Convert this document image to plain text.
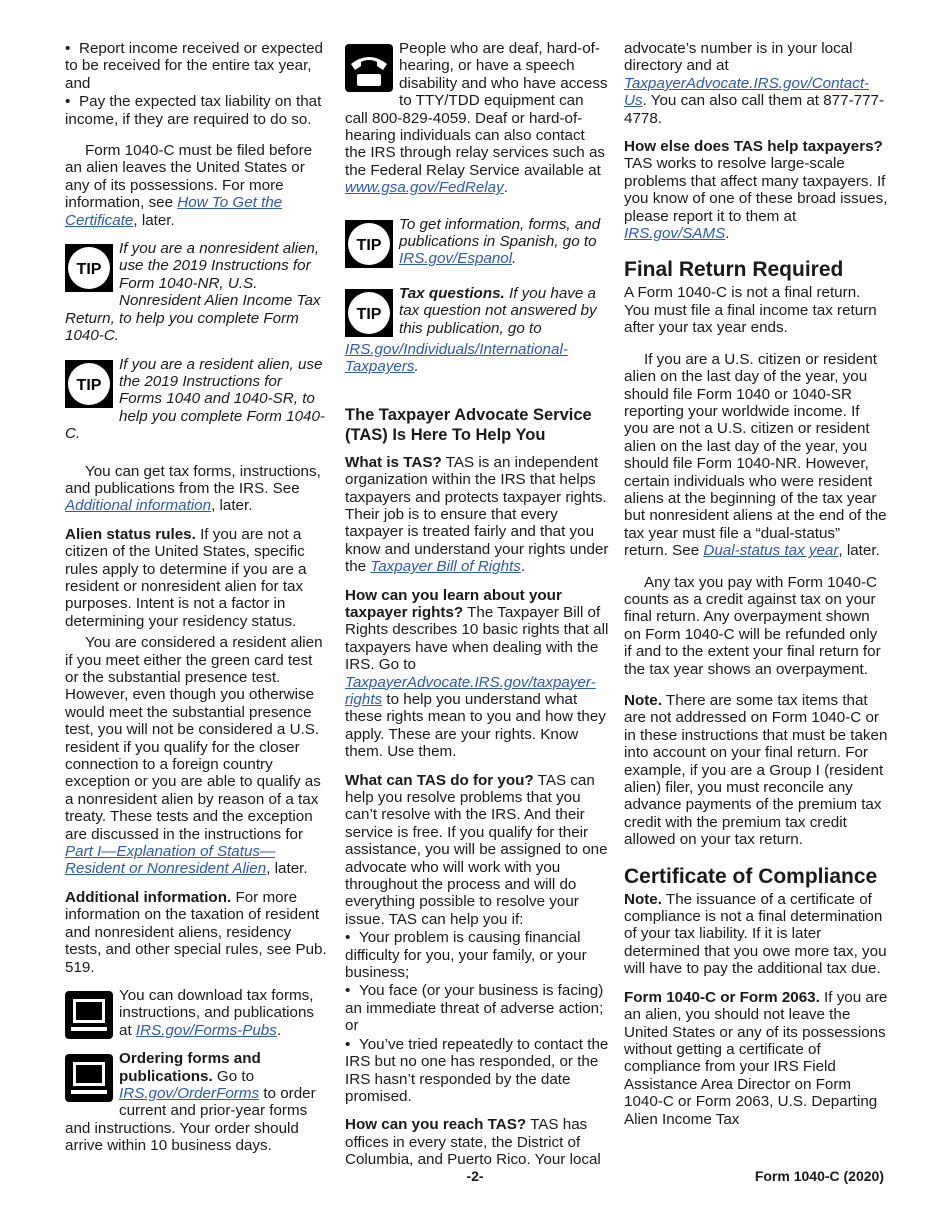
• Report income received or expected to be received for the entire tax year, and

• Pay the expected tax liability on that income, if they are required to do so.

Form 1040-C must be filed before an alien leaves the United States or any of its possessions. For more information, see How To Get the Certificate, later.

TIP

If you are a nonresident alien, use the 2019 Instructions for Form 1040-NR, U.S. Nonresident Alien Income Tax Return, to help you complete Form 1040-C.

TIP

If you are a resident alien, use the 2019 Instructions for Forms 1040 and 1040-SR, to help you complete Form 1040-C.

You can get tax forms, instructions, and publications from the IRS. See Additional information, later.

Alien status rules. If you are not a citizen of the United States, specific rules apply to determine if you are a resident or nonresident alien for tax purposes. Intent is not a factor in determining your residency status.

You are considered a resident alien if you meet either the green card test or the substantial presence test. However, even though you otherwise would meet the substantial presence test, you will not be considered a U.S. resident if you qualify for the closer connection to a foreign country exception or you are able to qualify as a nonresident alien by reason of a tax treaty. These tests and the exception are discussed in the instructions for Part I—Explanation of Status—Resident or Nonresident Alien, later.

Additional information. For more information on the taxation of resident and nonresident aliens, residency tests, and other special rules, see Pub. 519.

You can download tax forms, instructions, and publications at IRS.gov/Forms-Pubs.

Ordering forms and publications. Go to IRS.gov/OrderForms to order current and prior-year forms and instructions. Your order should arrive within 10 business days.

People who are deaf, hard-of-hearing, or have a speech disability and who have access to TTY/TDD equipment can call 800-829-4059. Deaf or hard-of-hearing individuals can also contact the IRS through relay services such as the Federal Relay Service available at www.gsa.gov/FedRelay.

TIP

To get information, forms, and publications in Spanish, go to IRS.gov/Espanol.

TIP

Tax questions. If you have a tax question not answered by this publication, go to IRS.gov/Individuals/International-Taxpayers.

The Taxpayer Advocate Service (TAS) Is Here To Help You

What is TAS? TAS is an independent organization within the IRS that helps taxpayers and protects taxpayer rights. Their job is to ensure that every taxpayer is treated fairly and that you know and understand your rights under the Taxpayer Bill of Rights.

How can you learn about your taxpayer rights? The Taxpayer Bill of Rights describes 10 basic rights that all taxpayers have when dealing with the IRS. Go to TaxpayerAdvocate.IRS.gov/taxpayer-rights to help you understand what these rights mean to you and how they apply. These are your rights. Know them. Use them.

What can TAS do for you? TAS can help you resolve problems that you can’t resolve with the IRS. And their service is free. If you qualify for their assistance, you will be assigned to one advocate who will work with you throughout the process and will do everything possible to resolve your issue. TAS can help you if:

• Your problem is causing financial difficulty for you, your family, or your business;

• You face (or your business is facing) an immediate threat of adverse action; or

• You’ve tried repeatedly to contact the IRS but no one has responded, or the IRS hasn’t responded by the date promised.

How can you reach TAS? TAS has offices in every state, the District of Columbia, and Puerto Rico. Your local

advocate’s number is in your local directory and at TaxpayerAdvocate.IRS.gov/Contact-Us. You can also call them at 877-777-4778.

How else does TAS help taxpayers? TAS works to resolve large-scale problems that affect many taxpayers. If you know of one of these broad issues, please report it to them at IRS.gov/SAMS.

Final Return Required

A Form 1040-C is not a final return. You must file a final income tax return after your tax year ends.

If you are a U.S. citizen or resident alien on the last day of the year, you should file Form 1040 or 1040-SR reporting your worldwide income. If you are not a U.S. citizen or resident alien on the last day of the year, you should file Form 1040-NR. However, certain individuals who were resident aliens at the beginning of the tax year but nonresident aliens at the end of the tax year must file a “dual-status” return. See Dual-status tax year, later.

Any tax you pay with Form 1040-C counts as a credit against tax on your final return. Any overpayment shown on Form 1040-C will be refunded only if and to the extent your final return for the tax year shows an overpayment.

Note. There are some tax items that are not addressed on Form 1040-C or in these instructions that must be taken into account on your final return. For example, if you are a Group I (resident alien) filer, you must reconcile any advance payments of the premium tax credit with the premium tax credit allowed on your tax return.

Certificate of Compliance

Note. The issuance of a certificate of compliance is not a final determination of your tax liability. If it is later determined that you owe more tax, you will have to pay the additional tax due.

Form 1040-C or Form 2063. If you are an alien, you should not leave the United States or any of its possessions without getting a certificate of compliance from your IRS Field Assistance Area Director on Form 1040-C or Form 2063, U.S. Departing Alien Income Tax

-2-	Form 1040-C (2020)
